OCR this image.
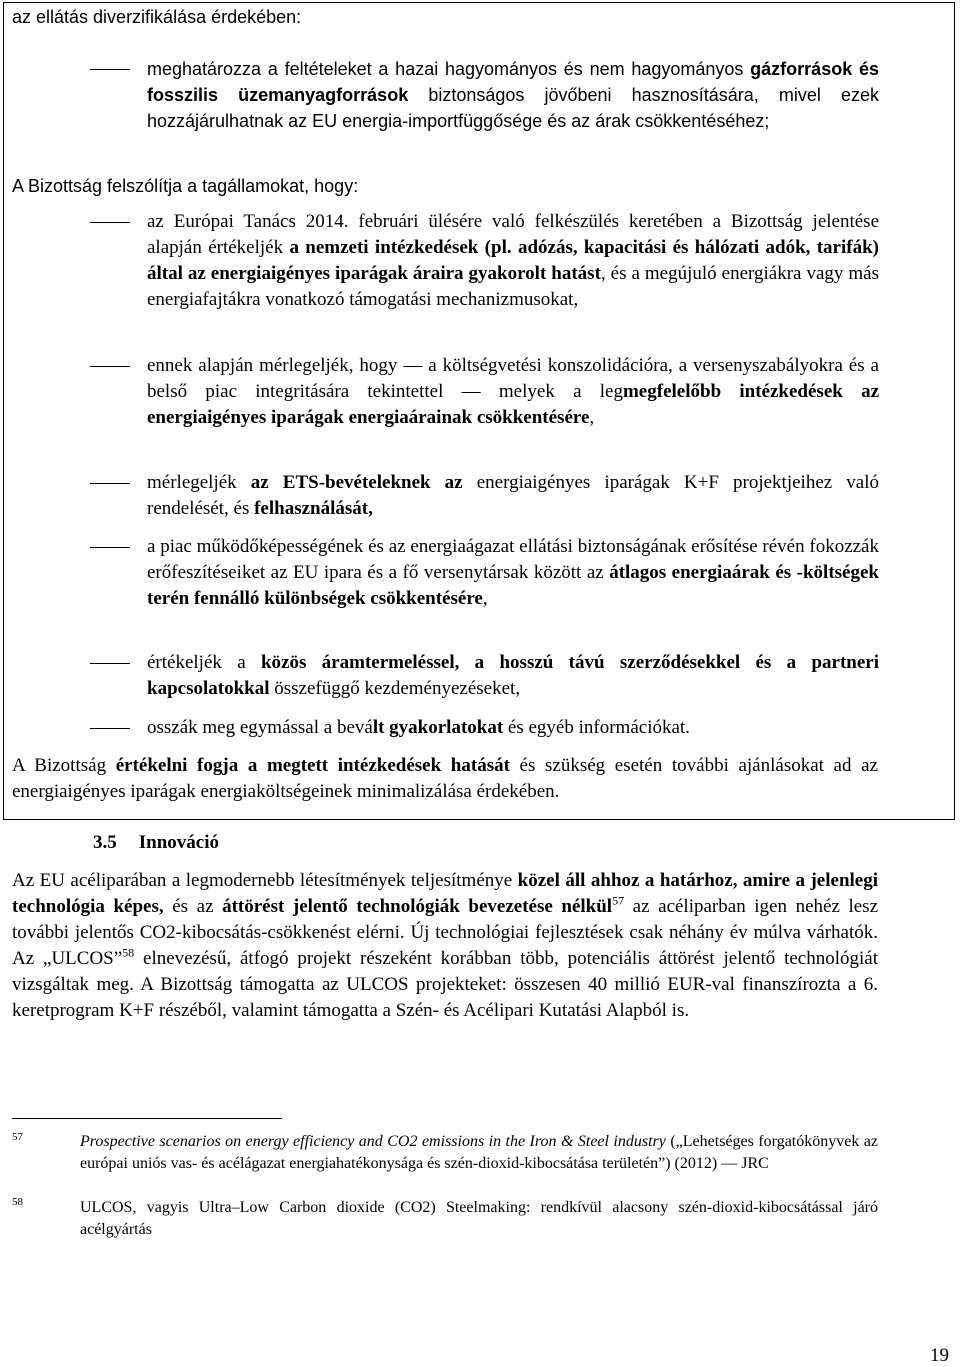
az ellátás diverzifikálása érdekében:
meghatározza a feltételeket a hazai hagyományos és nem hagyományos gázforrások és fosszilis üzemanyagforrások biztonságos jövőbeni hasznosítására, mivel ezek hozzájárulhatnak az EU energia-importfüggősége és az árak csökkentéséhez;
A Bizottság felszólítja a tagállamokat, hogy:
az Európai Tanács 2014. februári ülésére való felkészülés keretében a Bizottság jelentése alapján értékeljék a nemzeti intézkedések (pl. adózás, kapacitási és hálózati adók, tarifák) által az energiaigényes iparágak áraira gyakorolt hatást, és a megújuló energiákra vagy más energiafajtákra vonatkozó támogatási mechanizmusokat,
ennek alapján mérlegeljék, hogy — a költségvetési konszolidációra, a versenyszabályokra és a belső piac integritására tekintettel — melyek a legmegfelelőbb intézkedések az energiaigényes iparágak energiaárainak csökkentésére,
mérlegeljék az ETS-bevételeknek az energiaigényes iparágak K+F projektjeihez való rendelését, és felhasználását,
a piac működőképességének és az energiaágazat ellátási biztonságának erősítése révén fokozzák erőfeszítéseiket az EU ipara és a fő versenytársak között az átlagos energiaárak és -költségek terén fennálló különbségek csökkentésére,
értékeljék a közös áramtermeléssel, a hosszú távú szerződésekkel és a partneri kapcsolatokkal összefüggő kezdeményezéseket,
osszák meg egymással a bevált gyakorlatokat és egyéb információkat.
A Bizottság értékelni fogja a megtett intézkedések hatását és szükség esetén további ajánlásokat ad az energiaigényes iparágak energiaköltségeinek minimalizálása érdekében.
3.5 Innováció
Az EU acéliparában a legmodernebb létesítmények teljesítménye közel áll ahhoz a határhoz, amire a jelenlegi technológia képes, és az áttörést jelentő technológiák bevezetése nélkül$^{57}$ az acéliparban igen nehéz lesz további jelentős CO2-kibocsátás-csökkenést elérni. Új technológiai fejlesztések csak néhány év múlva várhatók. Az „ULCOS”$^{58}$ elnevezésű, átfogó projekt részeként korábban több, potenciális áttörést jelentő technológiát vizsgáltak meg. A Bizottság támogatta az ULCOS projekteket: összesen 40 millió EUR-val finanszírozta a 6. keretprogram K+F részéből, valamint támogatta a Szén- és Acélipari Kutatási Alapból is.
57	Prospective scenarios on energy efficiency and CO2 emissions in the Iron & Steel industry („Lehetséges forgatókönyvek az európai uniós vas- és acélágazat energiahatékonysága és szén-dioxid-kibocsátása területén”) (2012) — JRC
58	ULCOS, vagyis Ultra–Low Carbon dioxide (CO2) Steelmaking: rendkívül alacsony szén-dioxid-kibocsátással járó acélgyártás
19
